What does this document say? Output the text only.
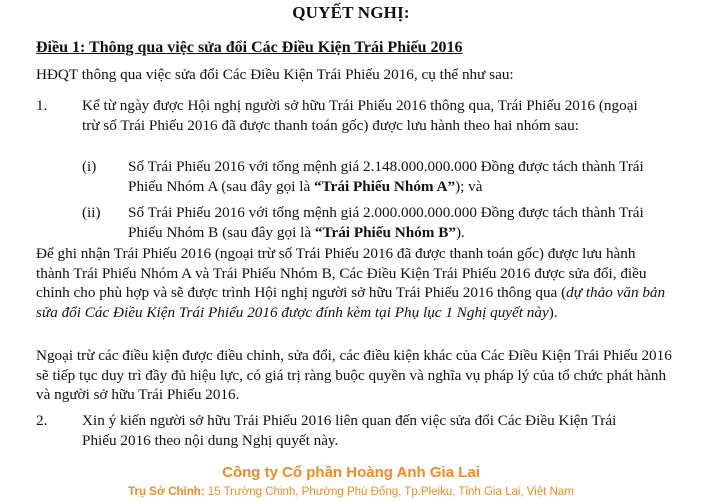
QUYẾT NGHỊ:
Điều 1: Thông qua việc sửa đổi Các Điều Kiện Trái Phiếu 2016
HĐQT thông qua việc sửa đổi Các Điều Kiện Trái Phiếu 2016, cụ thể như sau:
1. Kể từ ngày được Hội nghị người sở hữu Trái Phiếu 2016 thông qua, Trái Phiếu 2016 (ngoại trừ số Trái Phiếu 2016 đã được thanh toán gốc) được lưu hành theo hai nhóm sau:
(i) Số Trái Phiếu 2016 với tổng mệnh giá 2.148.000.000.000 Đồng được tách thành Trái Phiếu Nhóm A (sau đây gọi là “Trái Phiếu Nhóm A”); và
(ii) Số Trái Phiếu 2016 với tổng mệnh giá 2.000.000.000.000 Đồng được tách thành Trái Phiếu Nhóm B (sau đây gọi là “Trái Phiếu Nhóm B”).
Để ghi nhận Trái Phiếu 2016 (ngoại trừ số Trái Phiếu 2016 đã được thanh toán gốc) được lưu hành thành Trái Phiếu Nhóm A và Trái Phiếu Nhóm B, Các Điều Kiện Trái Phiếu 2016 được sửa đổi, điều chỉnh cho phù hợp và sẽ được trình Hội nghị người sở hữu Trái Phiếu 2016 thông qua (dự thảo văn bản sửa đổi Các Điều Kiện Trái Phiếu 2016 được đính kèm tại Phụ lục 1 Nghị quyết này).
Ngoại trừ các điều kiện được điều chỉnh, sửa đổi, các điều kiện khác của Các Điều Kiện Trái Phiếu 2016 sẽ tiếp tục duy trì đầy đủ hiệu lực, có giá trị ràng buộc quyền và nghĩa vụ pháp lý của tổ chức phát hành và người sở hữu Trái Phiếu 2016.
2. Xin ý kiến người sở hữu Trái Phiếu 2016 liên quan đến việc sửa đổi Các Điều Kiện Trái Phiếu 2016 theo nội dung Nghị quyết này.
Công ty Cổ phần Hoàng Anh Gia Lai
Trụ Sở Chính: 15 Trường Chinh, Phường Phù Đổng, Tp.Pleiku, Tỉnh Gia Lai, Việt Nam
